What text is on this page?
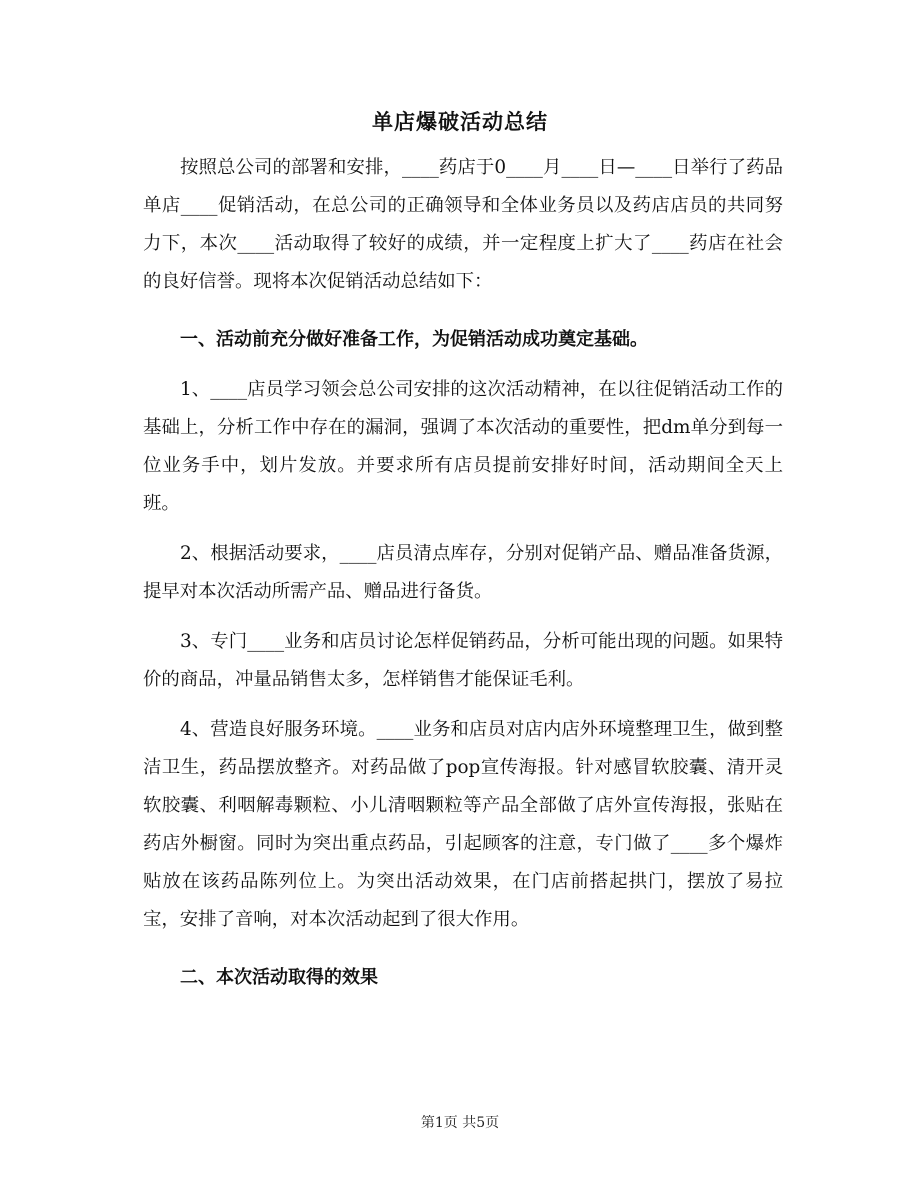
单店爆破活动总结

按照总公司的部署和安排，____药店于0____月____日—____日举行了药品单店____促销活动，在总公司的正确领导和全体业务员以及药店店员的共同努力下，本次____活动取得了较好的成绩，并一定程度上扩大了____药店在社会的良好信誉。现将本次促销活动总结如下：

一、活动前充分做好准备工作，为促销活动成功奠定基础。

1、____店员学习领会总公司安排的这次活动精神，在以往促销活动工作的基础上，分析工作中存在的漏洞，强调了本次活动的重要性，把dm单分到每一位业务手中，划片发放。并要求所有店员提前安排好时间，活动期间全天上班。

2、根据活动要求，____店员清点库存，分别对促销产品、赠品准备货源，提早对本次活动所需产品、赠品进行备货。

3、专门____业务和店员讨论怎样促销药品，分析可能出现的问题。如果特价的商品，冲量品销售太多，怎样销售才能保证毛利。

4、营造良好服务环境。____业务和店员对店内店外环境整理卫生，做到整洁卫生，药品摆放整齐。对药品做了pop宣传海报。针对感冒软胶囊、清开灵软胶囊、利咽解毒颗粒、小儿清咽颗粒等产品全部做了店外宣传海报，张贴在药店外橱窗。同时为突出重点药品，引起顾客的注意，专门做了____多个爆炸贴放在该药品陈列位上。为突出活动效果，在门店前搭起拱门，摆放了易拉宝，安排了音响，对本次活动起到了很大作用。

二、本次活动取得的效果

第1页 共5页
